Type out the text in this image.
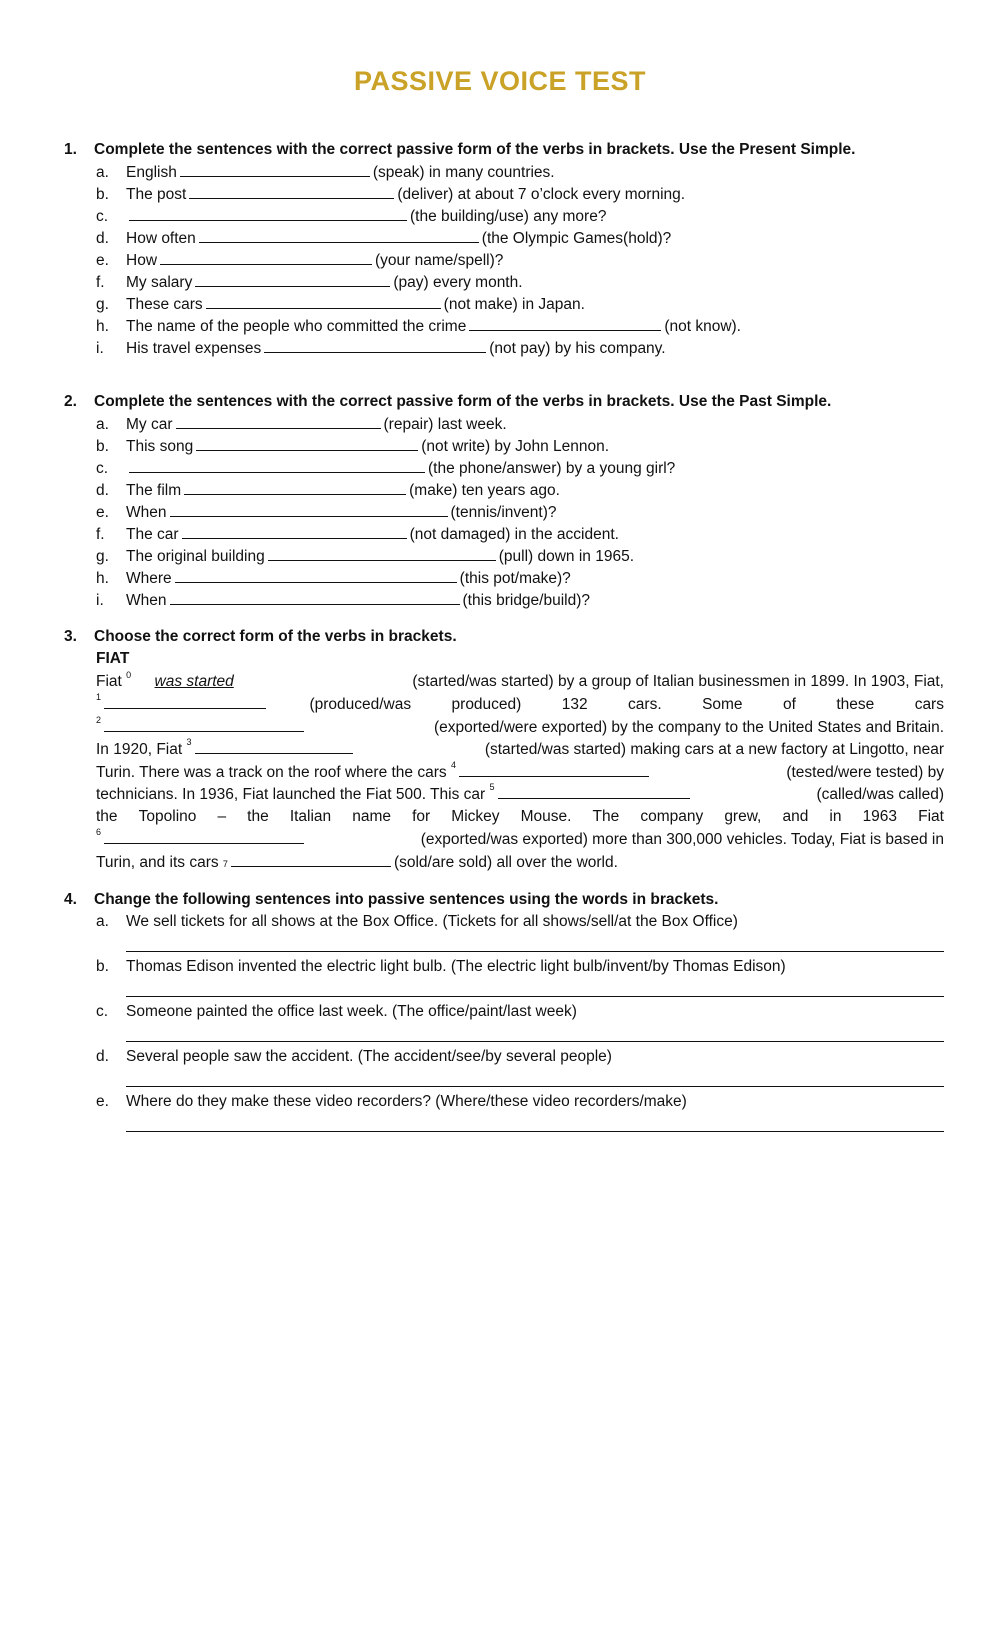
PASSIVE VOICE TEST
1.	Complete the sentences with the correct passive form of the verbs in brackets. Use the Present Simple.
a.	English	(speak) in many countries.
b.	The post	(deliver) at about 7 o’clock every morning.
c.	(the building/use) any more?
d.	How often	(the Olympic Games(hold)?
e.	How	(your name/spell)?
f.	My salary	(pay) every month.
g.	These cars	(not make) in Japan.
h.	The name of the people who committed the crime	(not know).
i.	His travel expenses	(not pay) by his company.
2.	Complete the sentences with the correct passive form of the verbs in brackets. Use the Past Simple.
a.	My car	(repair) last week.
b.	This song	(not write) by John Lennon.
c.	(the phone/answer) by a young girl?
d.	The film	(make) ten years ago.
e.	When	(tennis/invent)?
f.	The car	(not damaged) in the accident.
g.	The original building	(pull) down in 1965.
h.	Where	(this pot/make)?
i.	When	(this bridge/build)?
3.	Choose the correct form of the verbs in brackets.
FIAT
Fiat $^0$ was started	(started/was started) by a group of Italian businessmen in 1899. In 1903, Fiat,
$^1$	(produced/was	produced)	132	cars.	Some	of	these	cars
$^2$	(exported/were exported) by the company to the United States and Britain.
In 1920, Fiat $^3$	(started/was started) making cars at a new factory at Lingotto, near
Turin. There was a track on the roof where the cars $^4$	(tested/were tested) by
technicians. In 1936, Fiat launched the Fiat 500. This car $^5$	(called/was called)
the Topolino – the Italian name for Mickey Mouse. The company grew, and in 1963 Fiat
$^6$	(exported/was exported) more than 300,000 vehicles. Today, Fiat is based in
Turin, and its cars
7	(sold/are sold) all over the world.
4.	Change the following sentences into passive sentences using the words in brackets.
a.	We sell tickets for all shows at the Box Office. (Tickets for all shows/sell/at the Box Office)
b.	Thomas Edison invented the electric light bulb. (The electric light bulb/invent/by Thomas Edison)
c.	Someone painted the office last week. (The office/paint/last week)
d.	Several people saw the accident. (The accident/see/by several people)
e.	Where do they make these video recorders? (Where/these video recorders/make)
